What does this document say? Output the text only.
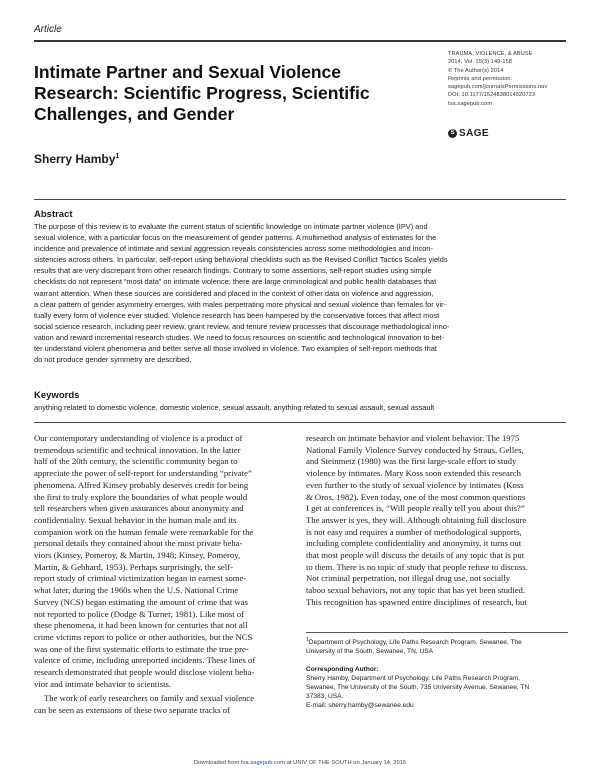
Article
Intimate Partner and Sexual Violence
Research: Scientific Progress, Scientific
Challenges, and Gender
TRAUMA, VIOLENCE, & ABUSE
2014, Vol. 15(3) 149-158
© The Author(s) 2014
Reprints and permission:
sagepub.com/journalsPermissions.nav
DOI: 10.1177/1524838014520723
tva.sagepub.com
S SAGE
Sherry Hamby$^1$
Abstract
The purpose of this review is to evaluate the current status of scientific knowledge on intimate partner violence (IPV) and
sexual violence, with a particular focus on the measurement of gender patterns. A multimethod analysis of estimates for the
incidence and prevalence of intimate and sexual aggression reveals consistencies across some methodologies and incon-
sistencies across others. In particular, self-report using behavioral checklists such as the Revised Conflict Tactics Scales yields
results that are very discrepant from other research findings. Contrary to some assertions, self-report studies using simple
checklists do not represent “most data” on intimate violence; there are large criminological and public health databases that
warrant attention. When these sources are considered and placed in the context of other data on violence and aggression,
a clear pattern of gender asymmetry emerges, with males perpetrating more physical and sexual violence than females for vir-
tually every form of violence ever studied. Violence research has been hampered by the conservative forces that affect most
social science research, including peer review, grant review, and tenure review processes that discourage methodological inno-
vation and reward incremental research studies. We need to focus resources on scientific and technological innovation to bet-
ter understand violent phenomena and better serve all those involved in violence. Two examples of self-report methods that
do not produce gender symmetry are described.
Keywords
anything related to domestic violence, domestic violence, sexual assault, anything related to sexual assault, sexual assault
Our contemporary understanding of violence is a product of
tremendous scientific and technical innovation. In the latter
half of the 20th century, the scientific community began to
appreciate the power of self-report for understanding “private”
phenomena. Alfred Kinsey probably deserves credit for being
the first to truly explore the boundaries of what people would
tell researchers when given assurances about anonymity and
confidentiality. Sexual behavior in the human male and its
companion work on the human female were remarkable for the
personal details they contained about the most private beha-
viors (Kinsey, Pomeroy, & Martin, 1948; Kinsey, Pomeroy,
Martin, & Gebhard, 1953). Perhaps surprisingly, the self-
report study of criminal victimization began in earnest some-
what later, during the 1960s when the U.S. National Crime
Survey (NCS) began estimating the amount of crime that was
not reported to police (Dodge & Turner, 1981). Like most of
these phenomena, it had been known for centuries that not all
crime victims report to police or other authorities, but the NCS
was one of the first systematic efforts to estimate the true pre-
valence of crime, including unreported incidents. These lines of
research demonstrated that people would disclose violent beha-
vior and intimate behavior to scientists.
The work of early researchers on family and sexual violence
can be seen as extensions of these two separate tracks of
research on intimate behavior and violent behavior. The 1975
National Family Violence Survey conducted by Straus, Gelles,
and Steinmetz (1980) was the first large-scale effort to study
violence by intimates. Mary Koss soon extended this research
even further to the study of sexual violence by intimates (Koss
& Oros, 1982). Even today, one of the most common questions
I get at conferences is, “Will people really tell you about this?”
The answer is yes, they will. Although obtaining full disclosure
is not easy and requires a number of methodological supports,
including complete confidentiality and anonymity, it turns out
that most people will discuss the details of any topic that is put
to them. There is no topic of study that people refuse to discuss.
Not criminal perpetration, not illegal drug use, not socially
taboo sexual behaviors, not any topic that has yet been studied.
This recognition has spawned entire disciplines of research, but
$^1$Department of Psychology, Life Paths Research Program, Sewanee, The
University of the South, Sewanee, TN, USA
Corresponding Author:
Sherry Hamby, Department of Psychology, Life Paths Research Program,
Sewanee, The University of the South, 735 University Avenue, Sewanee, TN
37383, USA.
E-mail: sherry.hamby@sewanee.edu
Downloaded from tva.sagepub.com at UNIV OF THE SOUTH on January 14, 2015
